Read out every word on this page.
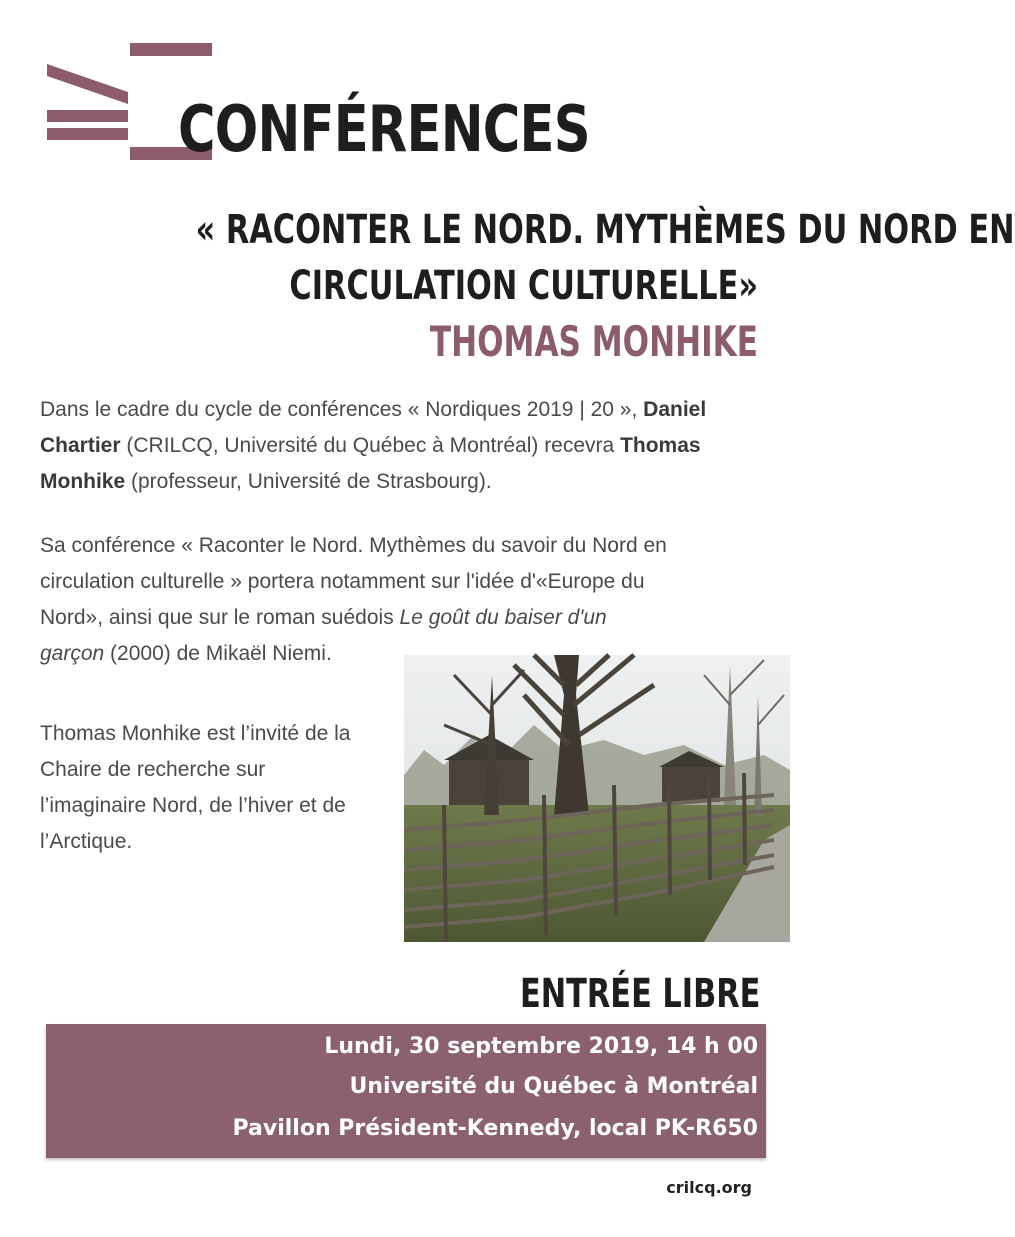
CONFÉRENCES
« RACONTER LE NORD. MYTHÈMES DU NORD EN
CIRCULATION CULTURELLE»
THOMAS MONHIKE
Dans le cadre du cycle de conférences « Nordiques 2019 | 20 », Daniel
Chartier (CRILCQ, Université du Québec à Montréal) recevra Thomas
Monhike (professeur, Université de Strasbourg).
Sa conférence « Raconter le Nord. Mythèmes du savoir du Nord en
circulation culturelle » portera notamment sur l'idée d'«Europe du
Nord», ainsi que sur le roman suédois Le goût du baiser d'un
garçon (2000) de Mikaël Niemi.
Thomas Monhike est l’invité de la
Chaire de recherche sur
l’imaginaire Nord, de l’hiver et de
l’Arctique.
ENTRÉE LIBRE
Lundi, 30 septembre 2019, 14 h 00
Université du Québec à Montréal
Pavillon Président-Kennedy, local PK-R650
crilcq.org
